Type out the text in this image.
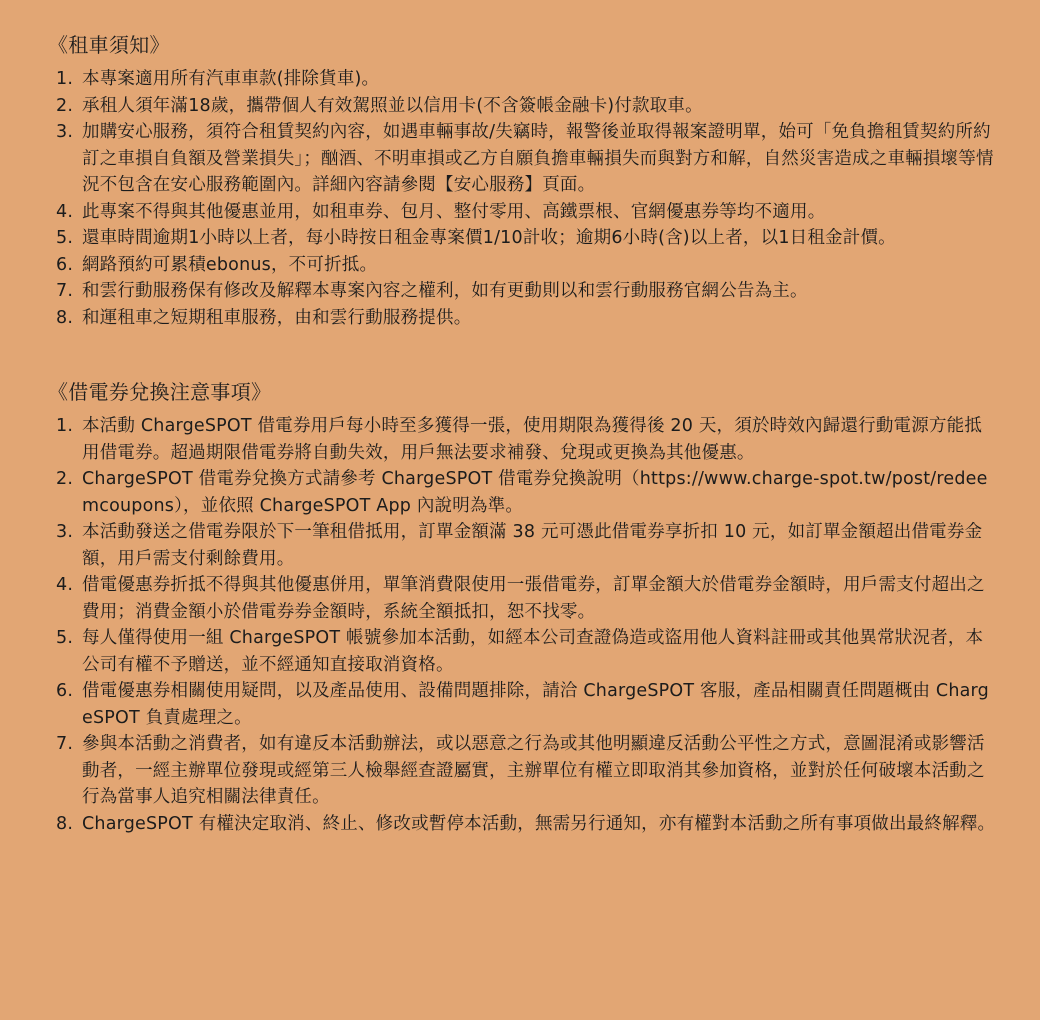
《租車須知》
1. 本專案適用所有汽車車款(排除貨車)。
2. 承租人須年滿18歲，攜帶個人有效駕照並以信用卡(不含簽帳金融卡)付款取車。
3. 加購安心服務，須符合租賃契約內容，如遇車輛事故/失竊時，報警後並取得報案證明單，始可「免負擔租賃契約所約訂之車損自負額及營業損失」；酗酒、不明車損或乙方自願負擔車輛損失而與對方和解，自然災害造成之車輛損壞等情況不包含在安心服務範圍內。詳細內容請參閱【安心服務】頁面。
4. 此專案不得與其他優惠並用，如租車券、包月、整付零用、高鐵票根、官網優惠券等均不適用。
5. 還車時間逾期1小時以上者，每小時按日租金專案價1/10計收；逾期6小時(含)以上者，以1日租金計價。
6. 網路預約可累積ebonus，不可折抵。
7. 和雲行動服務保有修改及解釋本專案內容之權利，如有更動則以和雲行動服務官網公告為主。
8. 和運租車之短期租車服務，由和雲行動服務提供。
《借電券兌換注意事項》
1. 本活動 ChargeSPOT 借電券用戶每小時至多獲得一張，使用期限為獲得後 20 天，須於時效內歸還行動電源方能抵用借電券。超過期限借電券將自動失效，用戶無法要求補發、兌現或更換為其他優惠。
2. ChargeSPOT 借電券兌換方式請參考 ChargeSPOT 借電券兌換說明（https://www.charge-spot.tw/post/redeemcoupons），並依照 ChargeSPOT App 內說明為準。
3. 本活動發送之借電券限於下一筆租借抵用，訂單金額滿 38 元可憑此借電券享折扣 10 元，如訂單金額超出借電券金額，用戶需支付剩餘費用。
4. 借電優惠券折抵不得與其他優惠併用，單筆消費限使用一張借電券，訂單金額大於借電券金額時，用戶需支付超出之費用；消費金額小於借電券券金額時，系統全額抵扣，恕不找零。
5. 每人僅得使用一組 ChargeSPOT 帳號參加本活動，如經本公司查證偽造或盜用他人資料註冊或其他異常狀況者，本公司有權不予贈送，並不經通知直接取消資格。
6. 借電優惠券相關使用疑問，以及產品使用、設備問題排除，請洽 ChargeSPOT 客服，產品相關責任問題概由 ChargeSPOT 負責處理之。
7. 參與本活動之消費者，如有違反本活動辦法，或以惡意之行為或其他明顯違反活動公平性之方式，意圖混淆或影響活動者，一經主辦單位發現或經第三人檢舉經查證屬實，主辦單位有權立即取消其參加資格，並對於任何破壞本活動之行為當事人追究相關法律責任。
8. ChargeSPOT 有權決定取消、終止、修改或暫停本活動，無需另行通知，亦有權對本活動之所有事項做出最終解釋。
